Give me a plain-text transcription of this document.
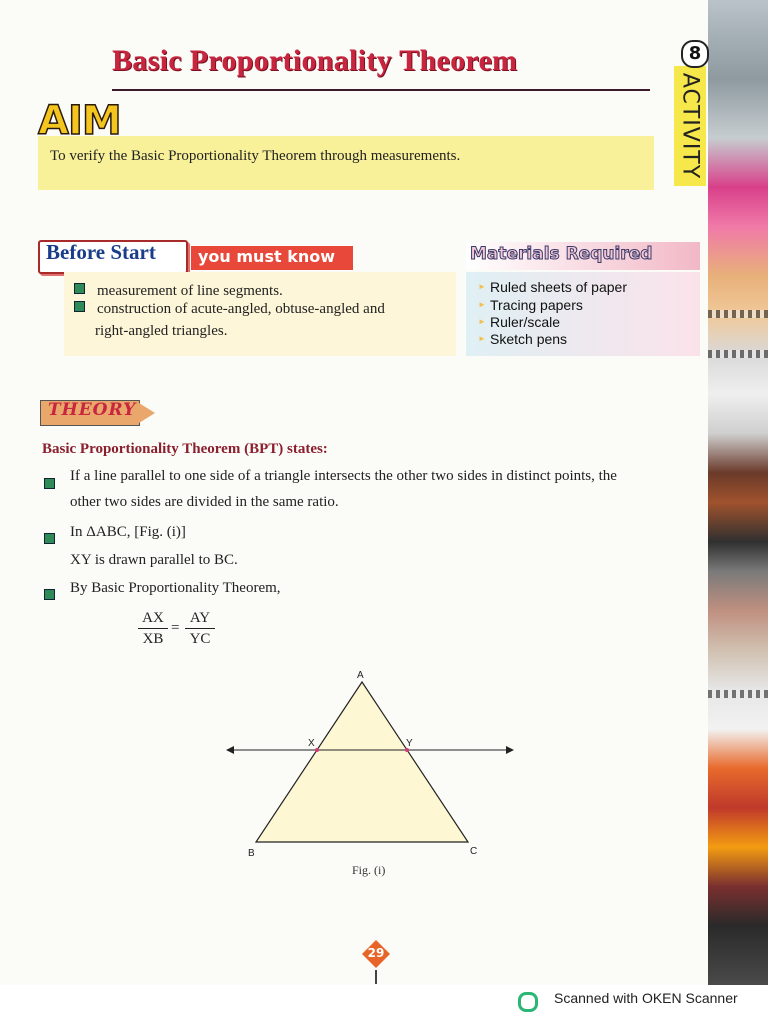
Basic Proportionality Theorem	8
ACTIVITY
AIM
To verify the Basic Proportionality Theorem through measurements.
Before Start	you must know
measurement of line segments.
construction of acute-angled, obtuse-angled and
right-angled triangles.
Materials Required
► Ruled sheets of paper
► Tracing papers
► Ruler/scale
► Sketch pens
THEORY
Basic Proportionality Theorem (BPT) states:
If a line parallel to one side of a triangle intersects the other two sides in distinct points, the
other two sides are divided in the same ratio.
In ΔABC, [Fig. (i)]
XY is drawn parallel to BC.
By Basic Proportionality Theorem,
$\frac{AX}{XB} = \frac{AY}{YC}$
A
X	Y
B	C
Fig. (i)
29
Scanned with OKEN Scanner
